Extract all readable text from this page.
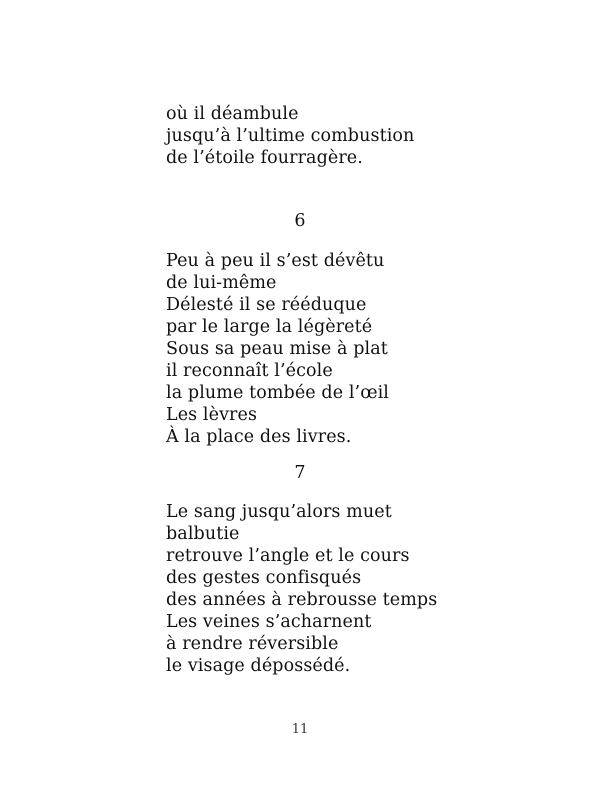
où il déambule
jusqu’à l’ultime combustion
de l’étoile fourragère.
6
Peu à peu il s’est dévêtu
de lui-même
Délesté il se rééduque
par le large la légèreté
Sous sa peau mise à plat
il reconnaît l’école
la plume tombée de l’œil
Les lèvres
À la place des livres.
7
Le sang jusqu’alors muet
balbutie
retrouve l’angle et le cours
des gestes confisqués
des années à rebrousse temps
Les veines s’acharnent
à rendre réversible
le visage dépossédé.
11
